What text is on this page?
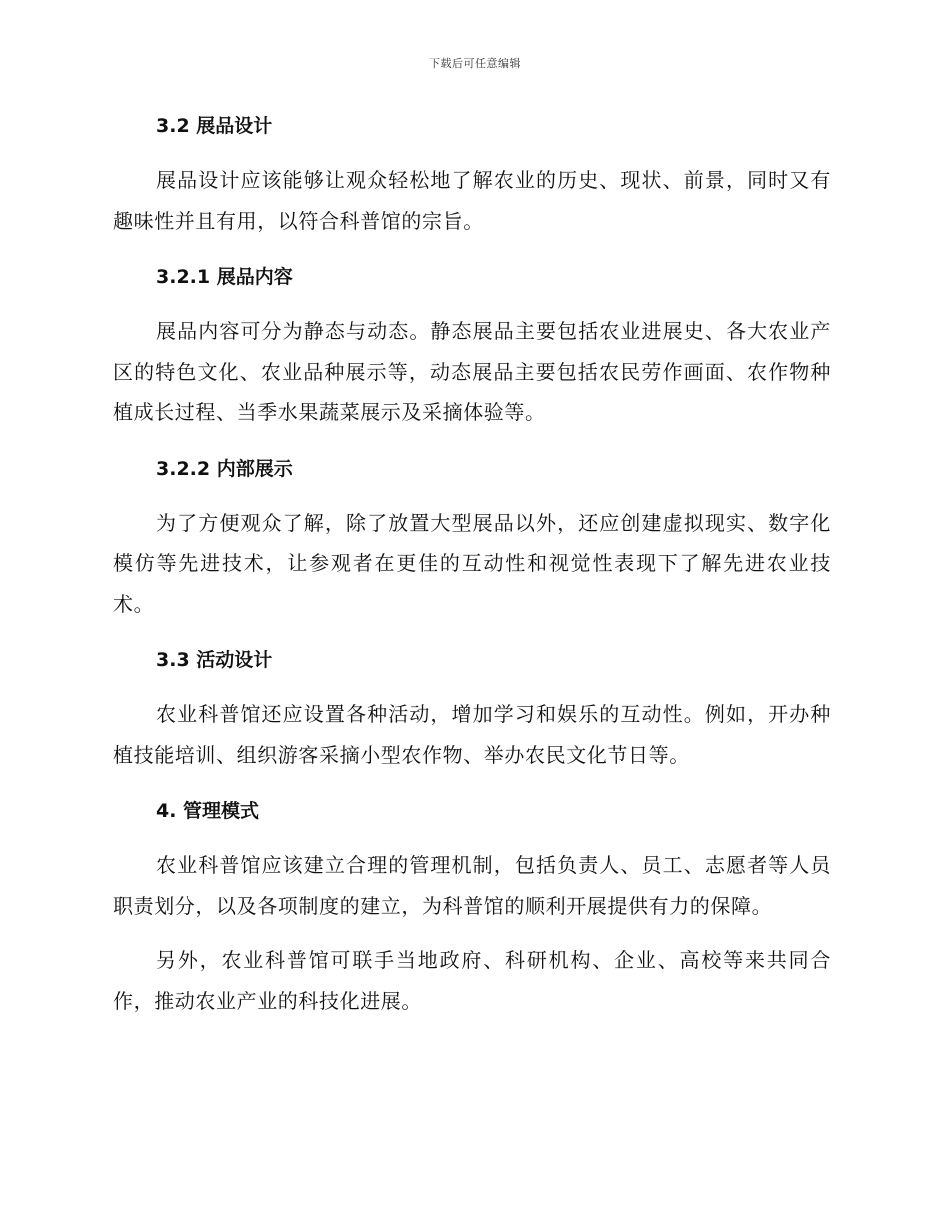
下载后可任意编辑
3.2 展品设计

展品设计应该能够让观众轻松地了解农业的历史、现状、前景，同时又有趣味性并且有用，以符合科普馆的宗旨。

3.2.1 展品内容

展品内容可分为静态与动态。静态展品主要包括农业进展史、各大农业产区的特色文化、农业品种展示等，动态展品主要包括农民劳作画面、农作物种植成长过程、当季水果蔬菜展示及采摘体验等。

3.2.2 内部展示

为了方便观众了解，除了放置大型展品以外，还应创建虚拟现实、数字化模仿等先进技术，让参观者在更佳的互动性和视觉性表现下了解先进农业技术。

3.3 活动设计

农业科普馆还应设置各种活动，增加学习和娱乐的互动性。例如，开办种植技能培训、组织游客采摘小型农作物、举办农民文化节日等。

4. 管理模式

农业科普馆应该建立合理的管理机制，包括负责人、员工、志愿者等人员职责划分，以及各项制度的建立，为科普馆的顺利开展提供有力的保障。

另外，农业科普馆可联手当地政府、科研机构、企业、高校等来共同合作，推动农业产业的科技化进展。
